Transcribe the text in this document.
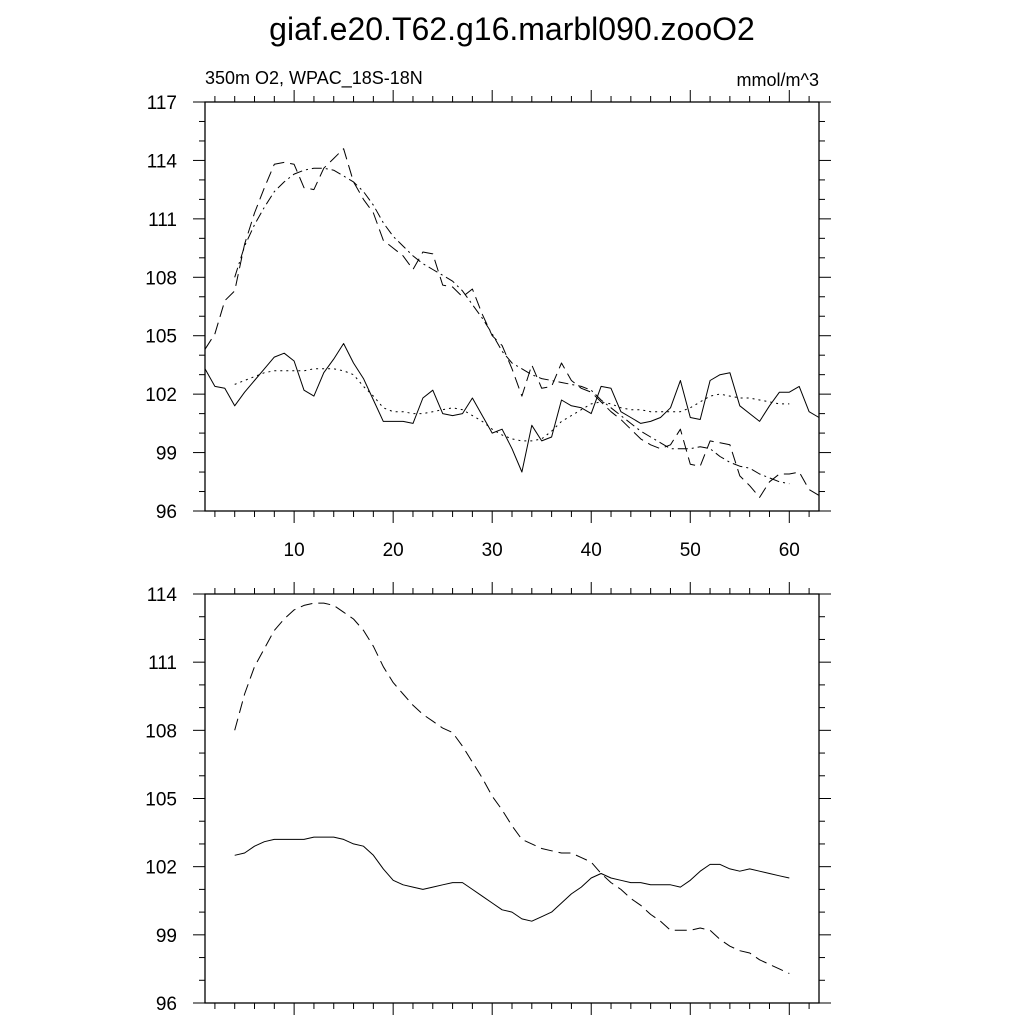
giaf.e20.T62.g16.marbl090.zooO2
350m O2, WPAC_18S-18N	mmol/m^3
96
99
102
105
108
111
114
117
10	20	30	40	50	60
96
99
102
105
108
111
114
